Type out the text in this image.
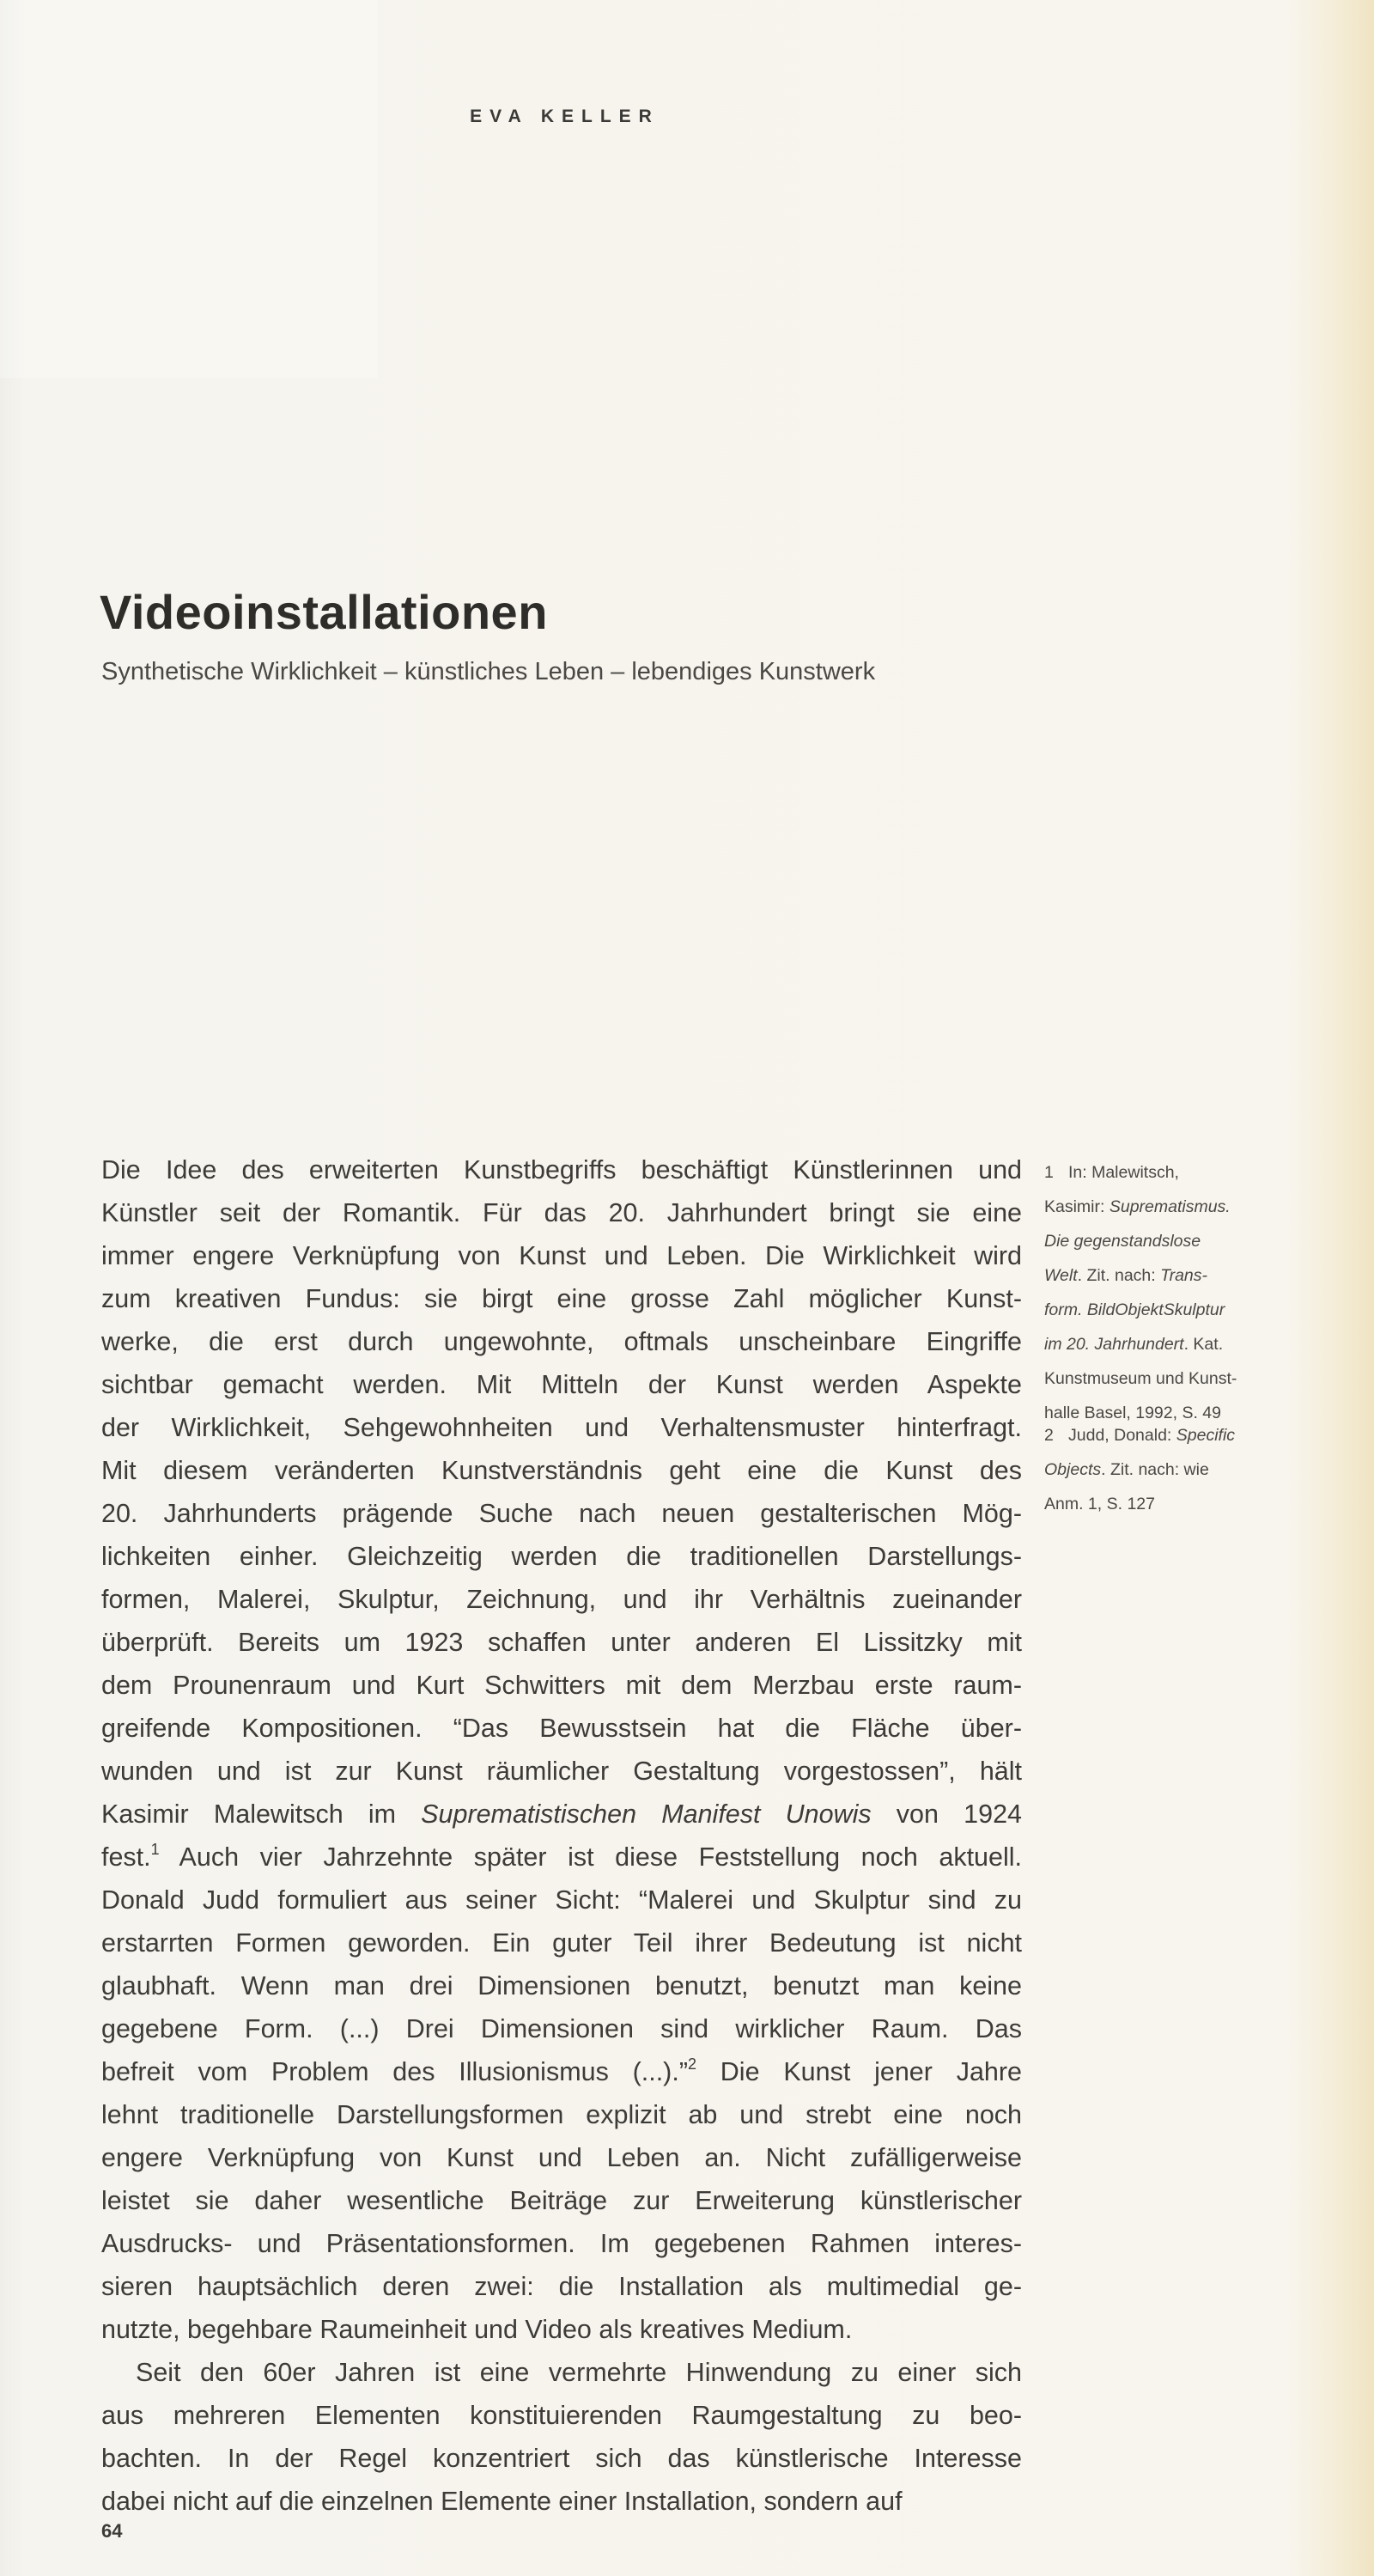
EVA KELLER
Videoinstallationen
Synthetische Wirklichkeit – künstliches Leben – lebendiges Kunstwerk
Die Idee des erweiterten Kunstbegriffs beschäftigt Künstlerinnen und
Künstler seit der Romantik. Für das 20. Jahrhundert bringt sie eine
immer engere Verknüpfung von Kunst und Leben. Die Wirklichkeit wird
zum kreativen Fundus: sie birgt eine grosse Zahl möglicher Kunst-
werke, die erst durch ungewohnte, oftmals unscheinbare Eingriffe
sichtbar gemacht werden. Mit Mitteln der Kunst werden Aspekte
der Wirklichkeit, Sehgewohnheiten und Verhaltensmuster hinterfragt.
Mit diesem veränderten Kunstverständnis geht eine die Kunst des
20. Jahrhunderts prägende Suche nach neuen gestalterischen Mög-
lichkeiten einher. Gleichzeitig werden die traditionellen Darstellungs-
formen, Malerei, Skulptur, Zeichnung, und ihr Verhältnis zueinander
überprüft. Bereits um 1923 schaffen unter anderen El Lissitzky mit
dem Prounenraum und Kurt Schwitters mit dem Merzbau erste raum-
greifende Kompositionen. “Das Bewusstsein hat die Fläche über-
wunden und ist zur Kunst räumlicher Gestaltung vorgestossen”, hält
Kasimir Malewitsch im Suprematistischen Manifest Unowis von 1924
fest.$^1$ Auch vier Jahrzehnte später ist diese Feststellung noch aktuell.
Donald Judd formuliert aus seiner Sicht: “Malerei und Skulptur sind zu
erstarrten Formen geworden. Ein guter Teil ihrer Bedeutung ist nicht
glaubhaft. Wenn man drei Dimensionen benutzt, benutzt man keine
gegebene Form. (...) Drei Dimensionen sind wirklicher Raum. Das
befreit vom Problem des Illusionismus (...).”$^2$ Die Kunst jener Jahre
lehnt traditionelle Darstellungsformen explizit ab und strebt eine noch
engere Verknüpfung von Kunst und Leben an. Nicht zufälligerweise
leistet sie daher wesentliche Beiträge zur Erweiterung künstlerischer
Ausdrucks- und Präsentationsformen. Im gegebenen Rahmen interes-
sieren hauptsächlich deren zwei: die Installation als multimedial ge-
nutzte, begehbare Raumeinheit und Video als kreatives Medium.
Seit den 60er Jahren ist eine vermehrte Hinwendung zu einer sich
aus mehreren Elementen konstituierenden Raumgestaltung zu beo-
bachten. In der Regel konzentriert sich das künstlerische Interesse
dabei nicht auf die einzelnen Elemente einer Installation, sondern auf
1 In: Malewitsch,
Kasimir: Suprematismus.
Die gegenstandslose
Welt. Zit. nach: Trans-
form. BildObjektSkulptur
im 20. Jahrhundert. Kat.
Kunstmuseum und Kunst-
halle Basel, 1992, S. 49
2 Judd, Donald: Specific
Objects. Zit. nach: wie
Anm. 1, S. 127
64
